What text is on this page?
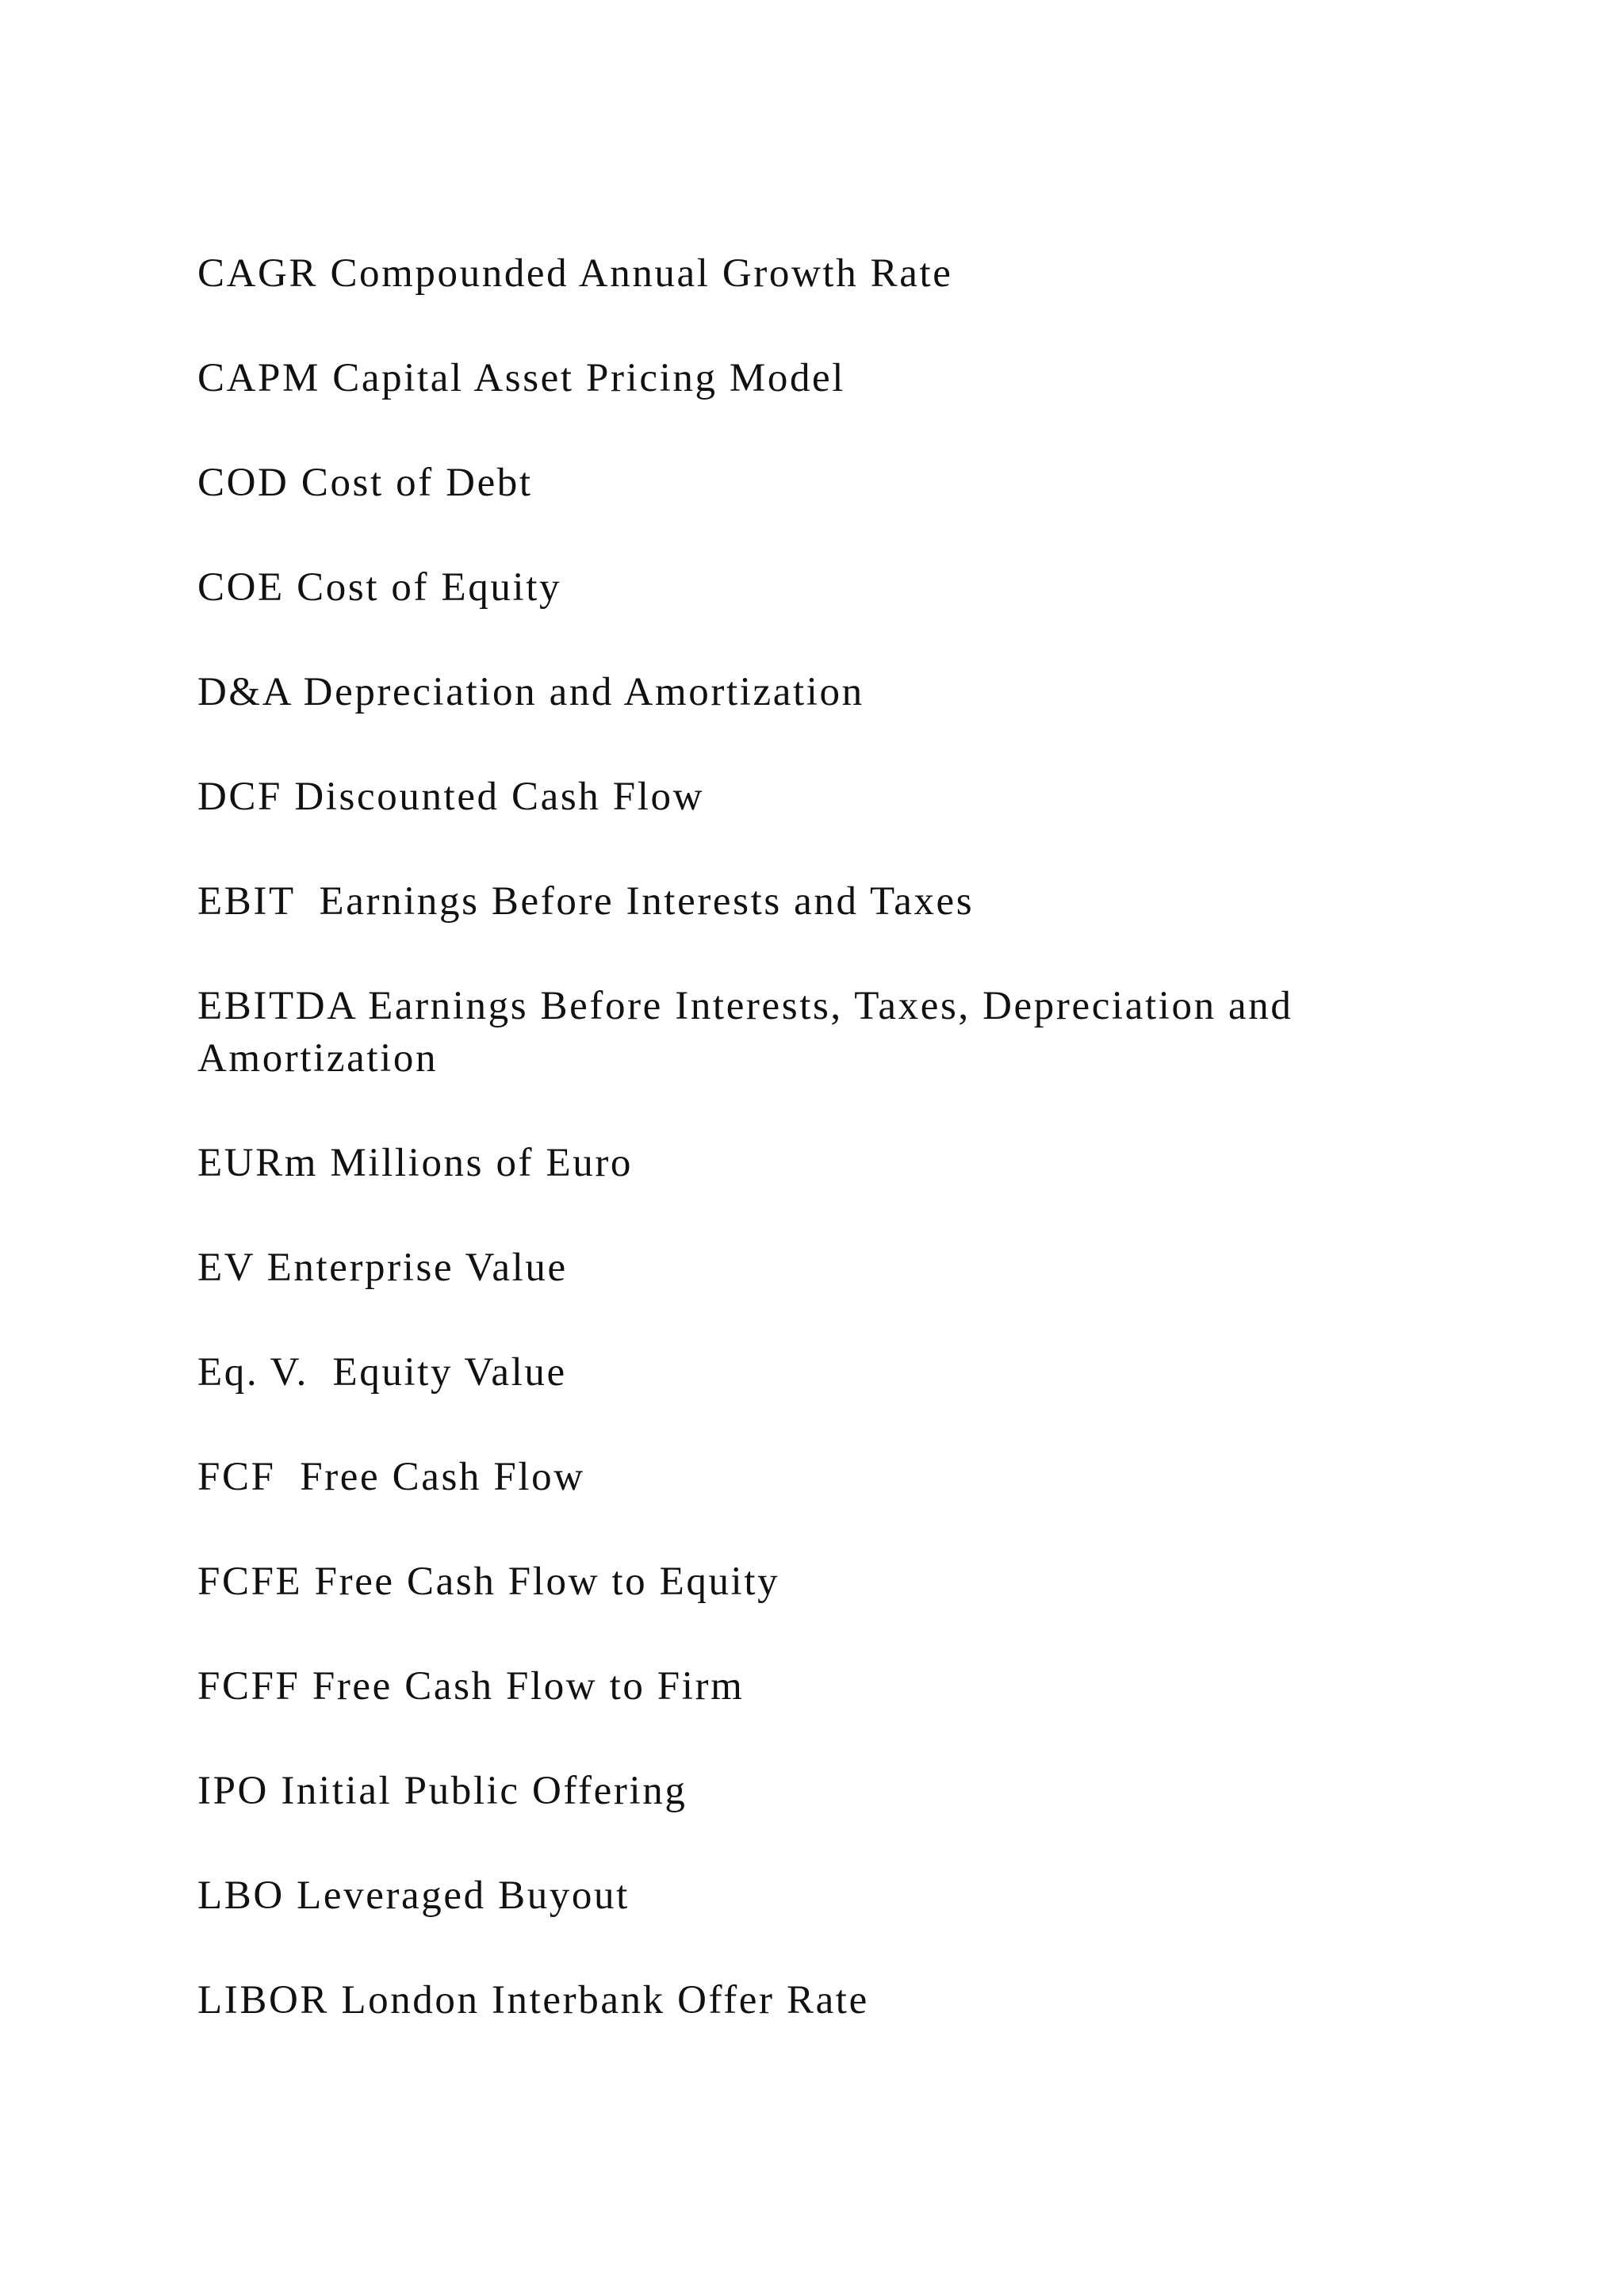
CAGR Compounded Annual Growth Rate
CAPM Capital Asset Pricing Model
COD Cost of Debt
COE Cost of Equity
D&A Depreciation and Amortization
DCF Discounted Cash Flow
EBIT  Earnings Before Interests and Taxes
EBITDA Earnings Before Interests, Taxes, Depreciation and Amortization
EURm Millions of Euro
EV Enterprise Value
Eq. V.  Equity Value
FCF  Free Cash Flow
FCFE Free Cash Flow to Equity
FCFF Free Cash Flow to Firm
IPO Initial Public Offering
LBO Leveraged Buyout
LIBOR London Interbank Offer Rate
